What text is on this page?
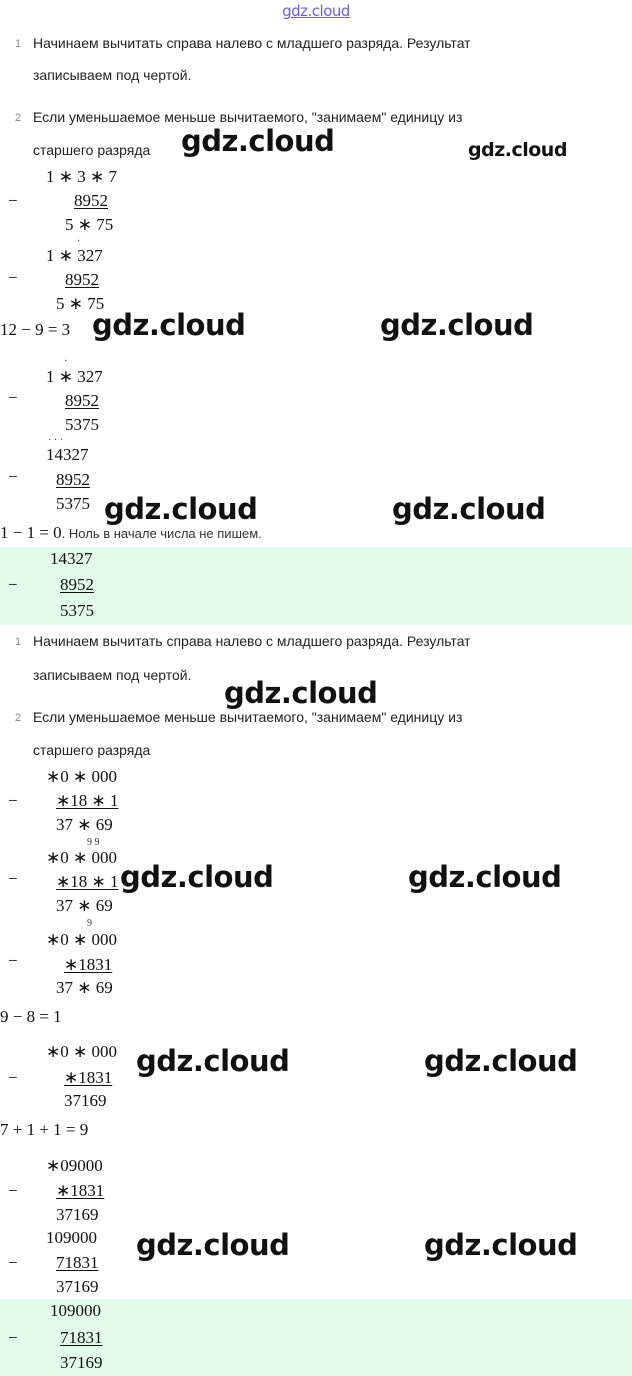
gdz.cloud
1 Начинаем вычитать справа налево с младшего разряда. Результат
записываем под чертой.
2 Если уменьшаемое меньше вычитаемого, "занимаем" единицу из
старшего разряда
1 ∗ 3 ∗ 7
−	8952
5 ∗ 75
·
1 ∗ 327
−	8952
5 ∗ 75
12 − 9 = 3
·
1 ∗ 327
−	8952
5375
· · ·
14327
− 8952
5375
1 − 1 = 0. Ноль в начале числа не пишем.
14327
− 8952
5375
1 Начинаем вычитать справа налево с младшего разряда. Результат
записываем под чертой.
2 Если уменьшаемое меньше вычитаемого, "занимаем" единицу из
старшего разряда
∗0 ∗ 000
− ∗18 ∗ 1
37 ∗ 69
9 9
∗0 ∗ 000
− ∗18 ∗ 1
37 ∗ 69
9
∗0 ∗ 000
−	∗1831
37 ∗ 69
9 − 8 = 1
∗0 ∗ 000
−	∗1831
37169
7 + 1 + 1 = 9
∗09000
− ∗1831
37169
109000
− 71831
37169
109000
− 71831
37169
gdz.cloud	gdz.cloud
gdz.cloud	gdz.cloud
gdz.cloud	gdz.cloud
gdz.cloud
gdz.cloud	gdz.cloud
gdz.cloud	gdz.cloud
gdz.cloud	gdz.cloud
